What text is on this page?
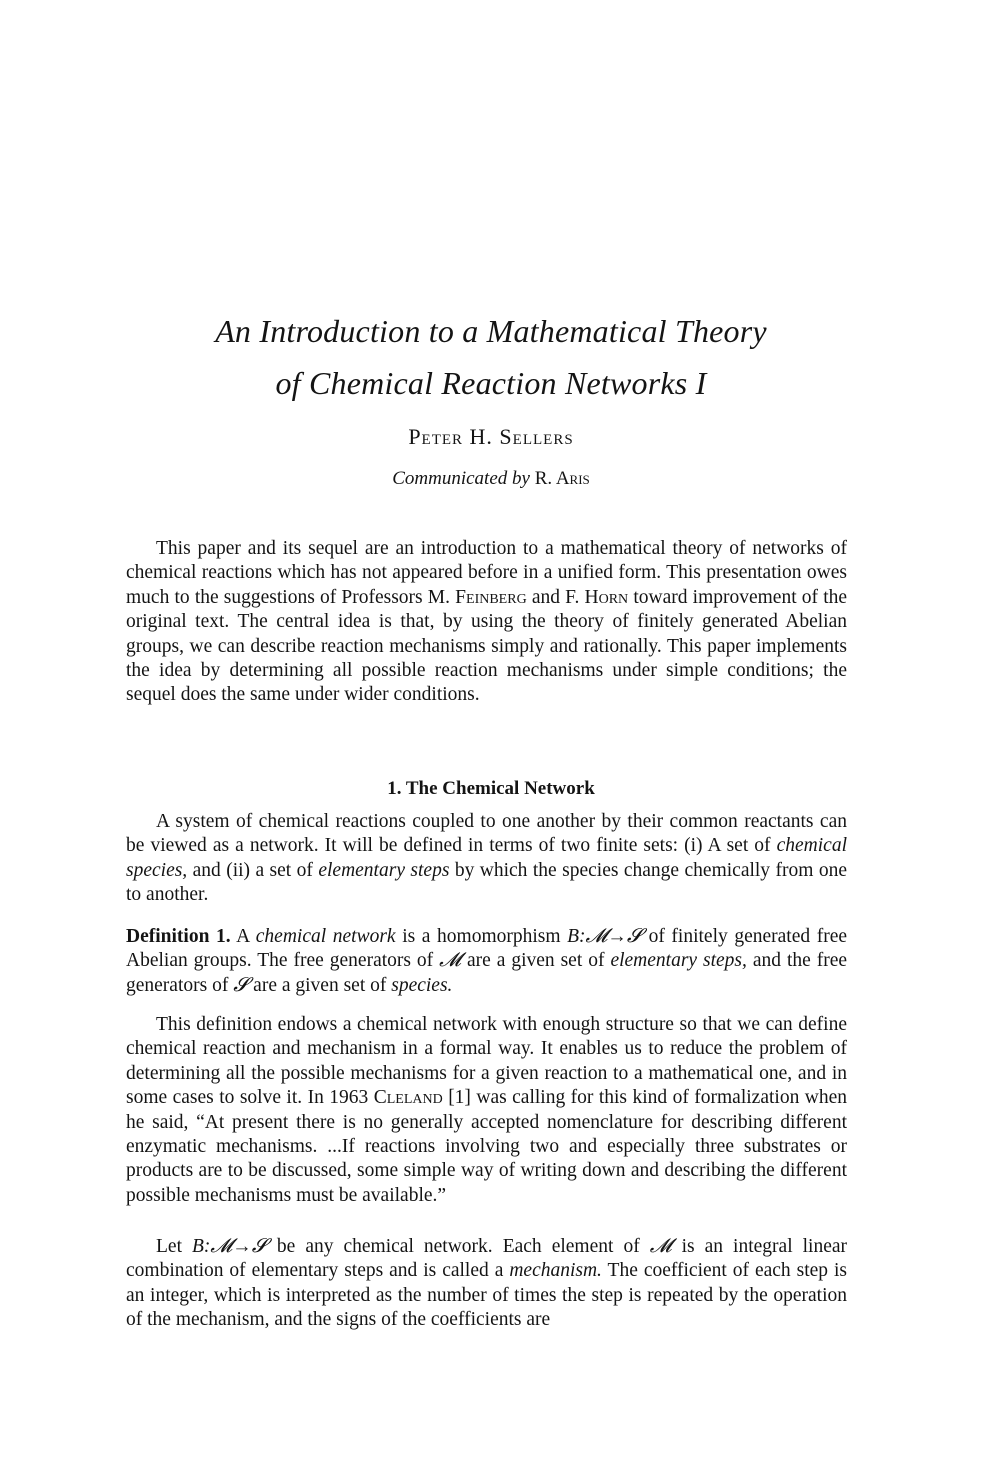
An Introduction to a Mathematical Theory
of Chemical Reaction Networks I
Peter H. Sellers
Communicated by R. Aris

This paper and its sequel are an introduction to a mathematical theory of networks of chemical reactions which has not appeared before in a unified form. This presentation owes much to the suggestions of Professors M. Feinberg and F. Horn toward improvement of the original text. The central idea is that, by using the theory of finitely generated Abelian groups, we can describe reaction mechanisms simply and rationally. This paper implements the idea by determining all possible reaction mechanisms under simple conditions; the sequel does the same under wider conditions.

1. The Chemical Network

A system of chemical reactions coupled to one another by their common reactants can be viewed as a network. It will be defined in terms of two finite sets: (i) A set of chemical species, and (ii) a set of elementary steps by which the species change chemically from one to another.

Definition 1. A chemical network is a homomorphism B:𝓜→𝓢 of finitely generated free Abelian groups. The free generators of 𝓜 are a given set of elementary steps, and the free generators of 𝓢 are a given set of species.

This definition endows a chemical network with enough structure so that we can define chemical reaction and mechanism in a formal way. It enables us to reduce the problem of determining all the possible mechanisms for a given reaction to a mathematical one, and in some cases to solve it. In 1963 Cleland [1] was calling for this kind of formalization when he said, “At present there is no generally accepted nomenclature for describing different enzymatic mechanisms. ...If reactions involving two and especially three substrates or products are to be discussed, some simple way of writing down and describing the different possible mechanisms must be available.”

Let B:𝓜→𝓢 be any chemical network. Each element of 𝓜 is an integral linear combination of elementary steps and is called a mechanism. The coefficient of each step is an integer, which is interpreted as the number of times the step is repeated by the operation of the mechanism, and the signs of the coefficients are
